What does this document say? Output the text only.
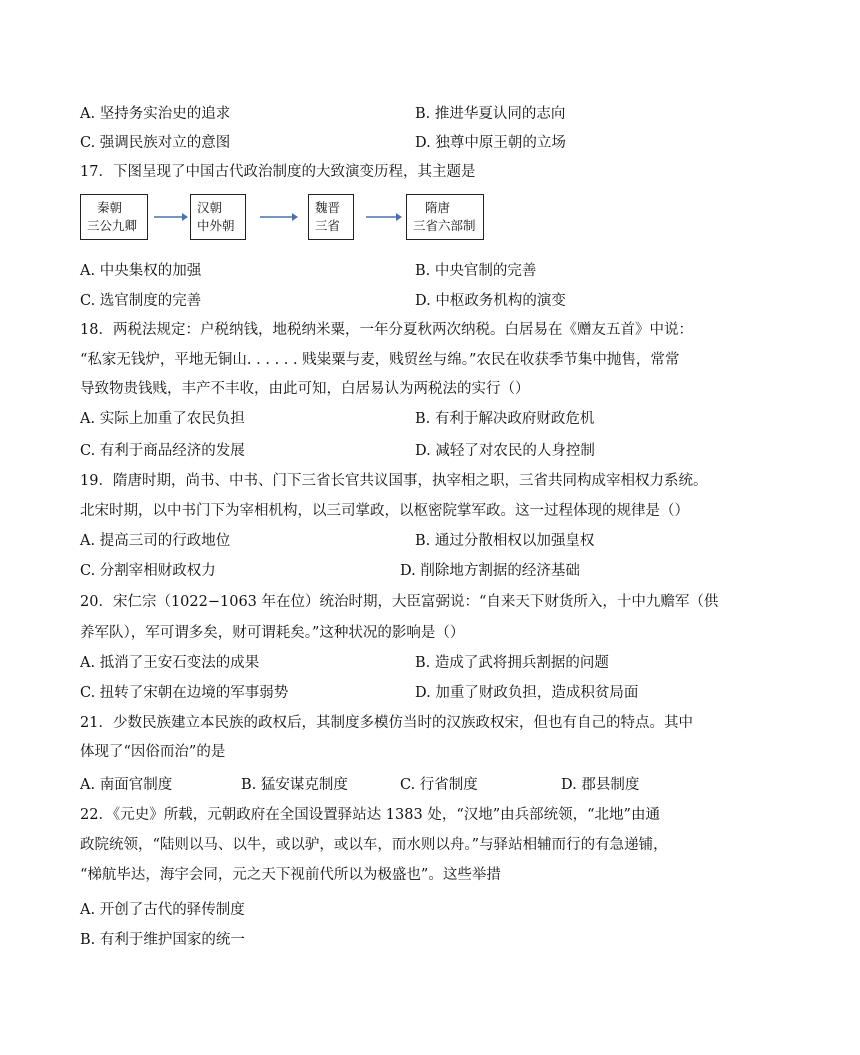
A. 坚持务实治史的追求	B. 推进华夏认同的志向
C. 强调民族对立的意图	D. 独尊中原王朝的立场
17．下图呈现了中国古代政治制度的大致演变历程，其主题是
秦朝
三公九卿
汉朝
中外朝
魏晋
三省
隋唐
三省六部制
A. 中央集权的加强	B. 中央官制的完善
C. 选官制度的完善	D. 中枢政务机构的演变
18．两税法规定：户税纳钱，地税纳米粟，一年分夏秋两次纳税。白居易在《赠友五首》中说：
“私家无钱炉，平地无铜山. . . . . . 贱粜粟与麦，贱贸丝与绵。”农民在收获季节集中抛售，常常
导致物贵钱贱，丰产不丰收，由此可知，白居易认为两税法的实行（）
A. 实际上加重了农民负担	B. 有利于解决政府财政危机
C. 有利于商品经济的发展	D. 减轻了对农民的人身控制
19．隋唐时期，尚书、中书、门下三省长官共议国事，执宰相之职，三省共同构成宰相权力系统。
北宋时期，以中书门下为宰相机构，以三司掌政，以枢密院掌军政。这一过程体现的规律是（）
A. 提高三司的行政地位	B. 通过分散相权以加强皇权
C. 分割宰相财政权力	D. 削除地方割据的经济基础
20．宋仁宗（1022−1063 年在位）统治时期，大臣富弼说：“自来天下财货所入，十中九赡军（供
养军队），军可谓多矣，财可谓耗矣。”这种状况的影响是（）
A. 抵消了王安石变法的成果	B. 造成了武将拥兵割据的问题
C. 扭转了宋朝在边境的军事弱势	D. 加重了财政负担，造成积贫局面
21．少数民族建立本民族的政权后，其制度多模仿当时的汉族政权宋，但也有自己的特点。其中
体现了“因俗而治”的是
A. 南面官制度	B. 猛安谋克制度	C. 行省制度	D. 郡县制度
22．《元史》所载，元朝政府在全国设置驿站达 1383 处，“汉地”由兵部统领，“北地”由通
政院统领，“陆则以马、以牛，或以驴，或以车，而水则以舟。”与驿站相辅而行的有急递铺，
“梯航毕达，海宇会同，元之天下视前代所以为极盛也”。这些举措
A. 开创了古代的驿传制度
B. 有利于维护国家的统一
